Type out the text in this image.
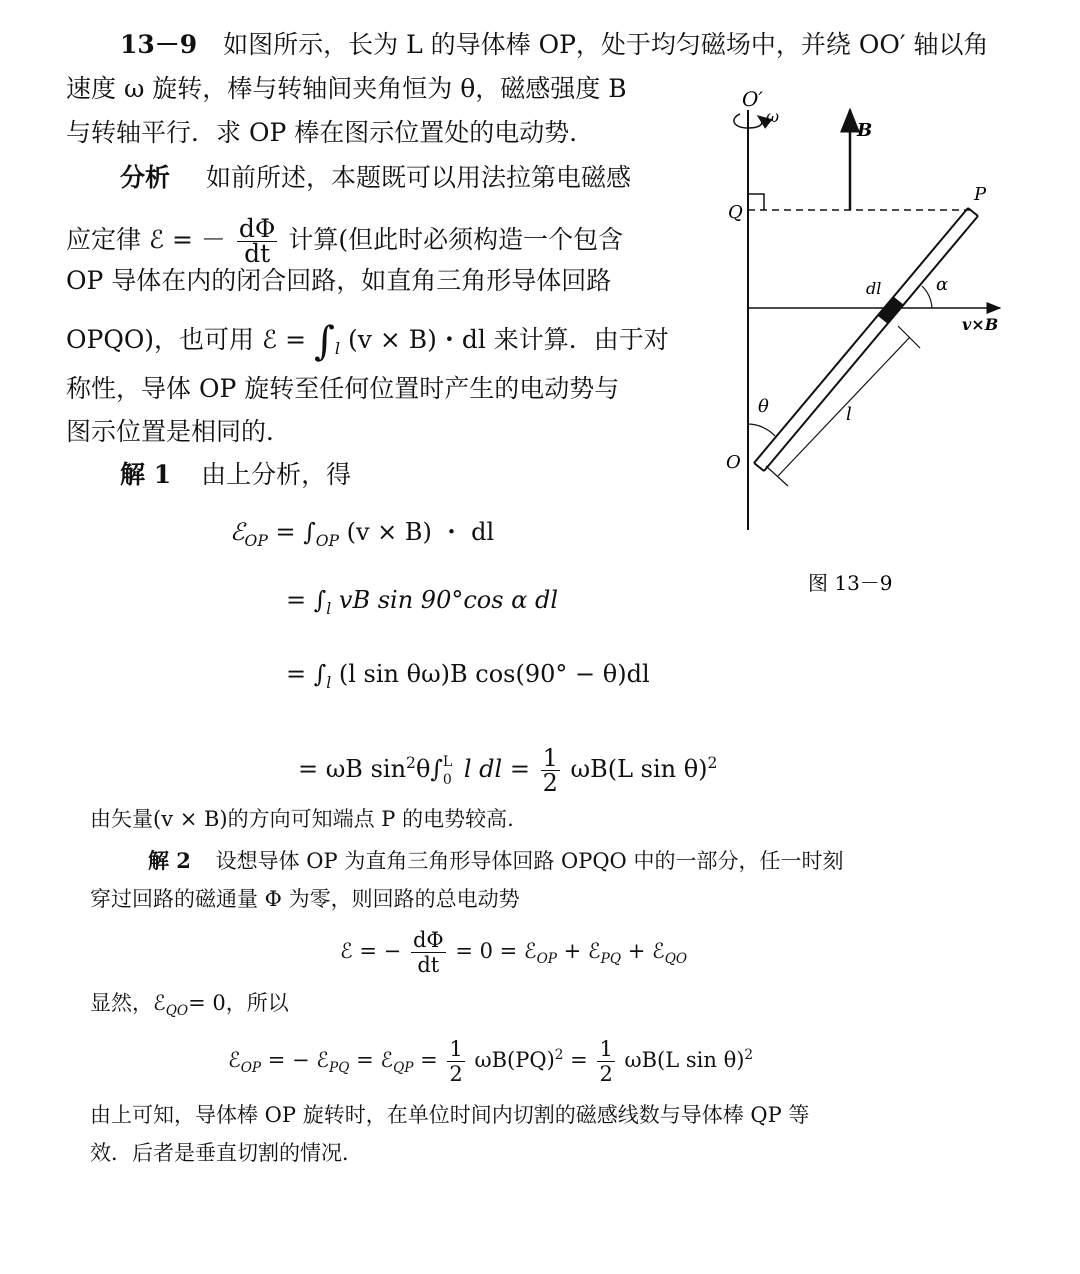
13－9 如图所示，长为 L 的导体棒 OP，处于均匀磁场中，并绕 OO′ 轴以角
速度 ω 旋转，棒与转轴间夹角恒为 θ，磁感强度 B
与转轴平行．求 OP 棒在图示位置处的电动势．
分析 如前所述，本题既可以用法拉第电磁感
应定律 ℰ = － $\frac{d\Phi}{dt}$ 计算(但此时必须构造一个包含
OP 导体在内的闭合回路，如直角三角形导体回路
OPQO)，也可用 ℰ = $\int_l$ (v × B)・dl 来计算．由于对
称性，导体 OP 旋转至任何位置时产生的电动势与
图示位置是相同的．
解 1 由上分析，得
ℰ$_{OP}$ = $\int_{OP}$ (v × B) ・ dl
= $\int_l$ vB sin 90°cos α dl
= $\int_l$ (l sin θω)B cos(90° − θ)dl
= ωB $\sin^2\theta\int$ L
0 l dl = $\frac{1}{2} \omega B(L$ sin θ)$^2$
由矢量(v × B)的方向可知端点 P 的电势较高.
解 2 设想导体 OP 为直角三角形导体回路 OPQO 中的一部分，任一时刻
穿过回路的磁通量 Φ 为零，则回路的总电动势
ℰ = − $\frac{d\Phi}{dt} = 0$ = ℰ$_{OP}$ + ℰ$_{PQ}$ + ℰ$_{QO}$
显然，ℰ$_{QO}$= 0，所以
ℰ$_{OP}$ = − ℰ$_{PQ}$ = ℰ$_{QP}$ = $\frac{1}{2} \omega B(PQ)^2 = \frac{1}{2} \omega B(L$ sin θ)$^2$
由上可知，导体棒 OP 旋转时，在单位时间内切割的磁感线数与导体棒 QP 等
效．后者是垂直切割的情况．
O′
ω
B
Q
P
v×B
dl	α
l
θ
O
图 13－9
